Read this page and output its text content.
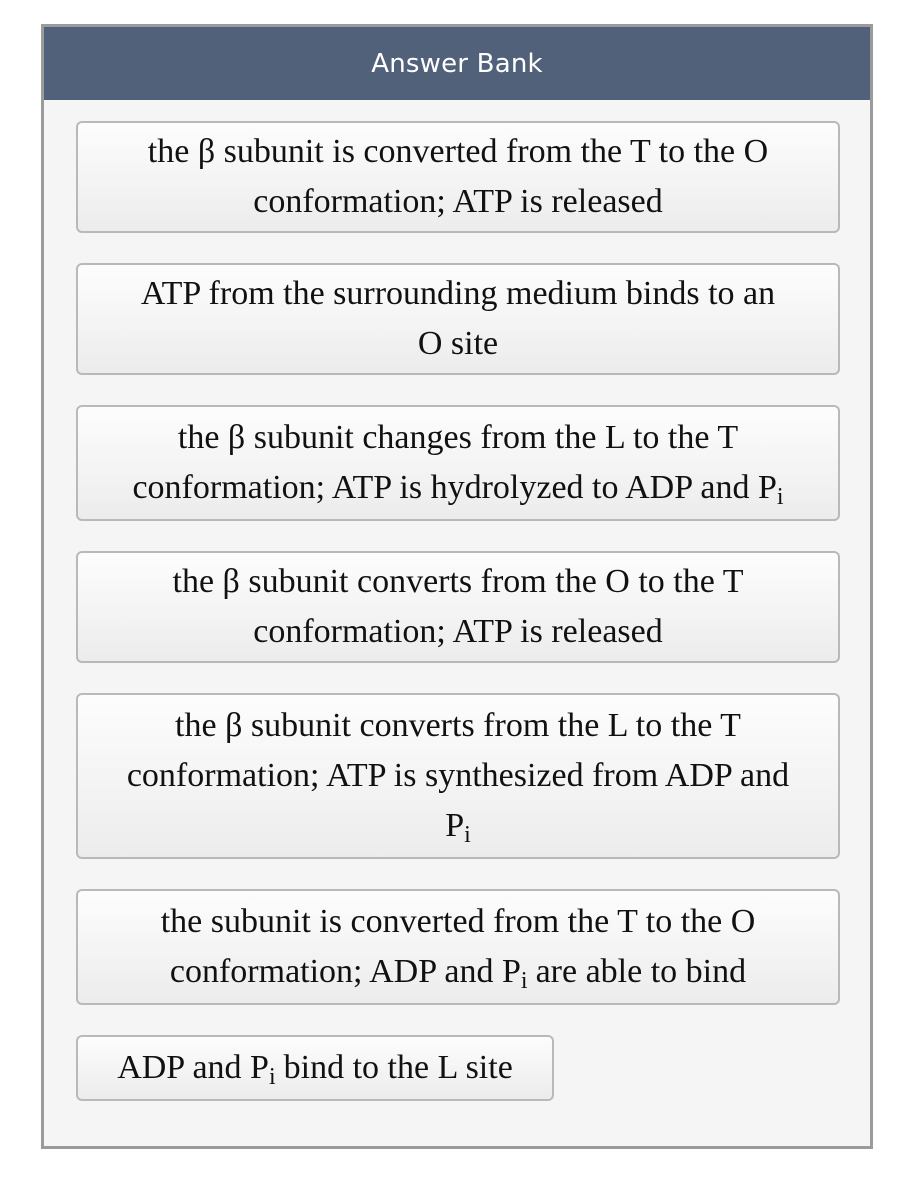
Answer Bank
the β subunit is converted from the T to the O
conformation; ATP is released
ATP from the surrounding medium binds to an
O site
the β subunit changes from the L to the T
conformation; ATP is hydrolyzed to ADP and $P_i$
the β subunit converts from the O to the T
conformation; ATP is released
the β subunit converts from the L to the T
conformation; ATP is synthesized from ADP and
$P_i$
the subunit is converted from the T to the O
conformation; ADP and $P_i$ are able to bind
ADP and $P_i$ bind to the L site
